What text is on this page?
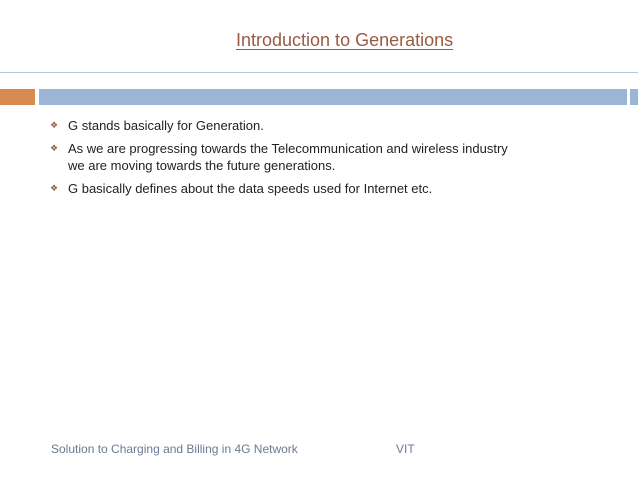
Introduction to Generations
❖ G stands basically for Generation.
❖ As we are progressing towards the Telecommunication and wireless industry we are moving towards the future generations.
❖ G basically defines about the data speeds used for Internet etc.
Solution to Charging and Billing in 4G Network	VIT
